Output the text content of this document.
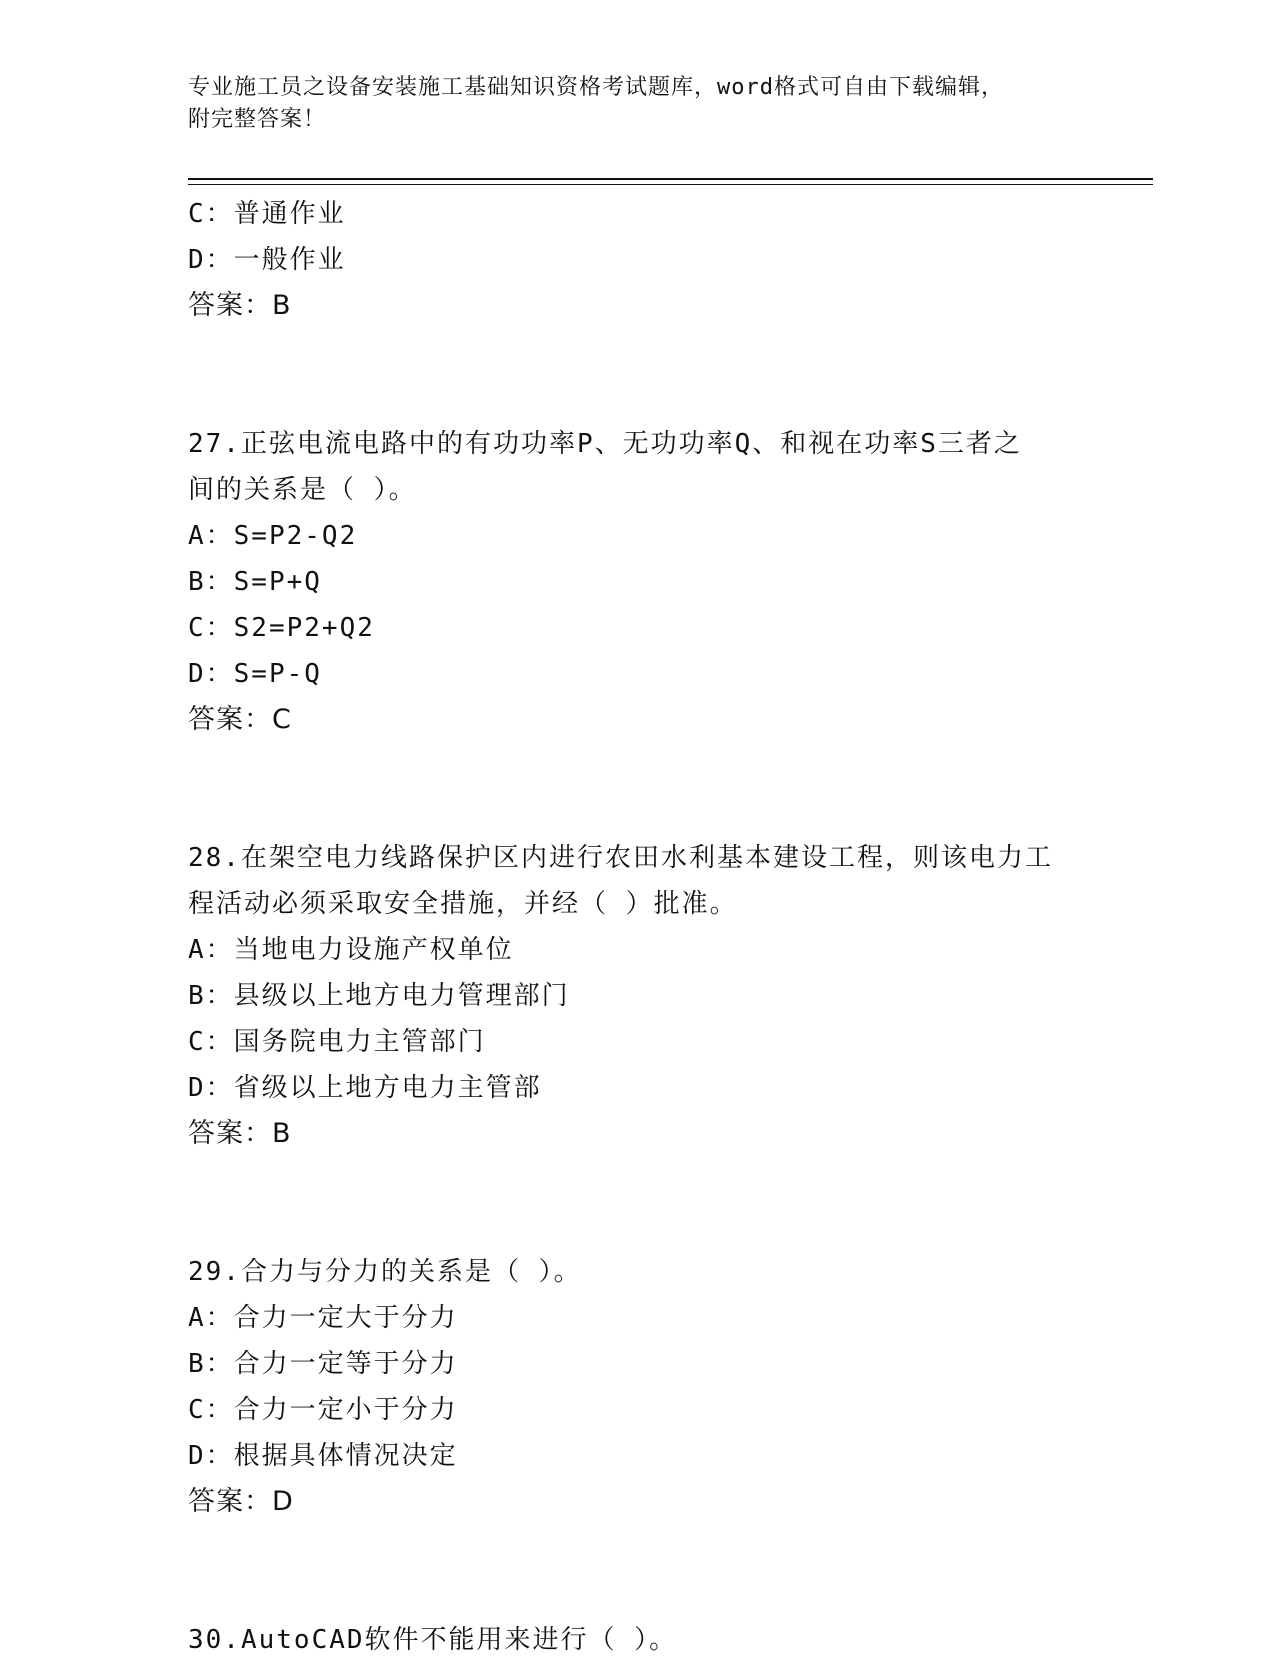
专业施工员之设备安装施工基础知识资格考试题库，word格式可自由下载编辑，
附完整答案！
C：普通作业
D：一般作业
答案：B
27.正弦电流电路中的有功功率P、无功功率Q、和视在功率S三者之
间的关系是（ ）。
A：S=P2-Q2
B：S=P+Q
C：S2=P2+Q2
D：S=P-Q
答案：C
28.在架空电力线路保护区内进行农田水利基本建设工程，则该电力工
程活动必须采取安全措施，并经（ ）批准。
A：当地电力设施产权单位
B：县级以上地方电力管理部门
C：国务院电力主管部门
D：省级以上地方电力主管部
答案：B
29.合力与分力的关系是（ ）。
A：合力一定大于分力
B：合力一定等于分力
C：合力一定小于分力
D：根据具体情况决定
答案：D
30.AutoCAD软件不能用来进行（ ）。
